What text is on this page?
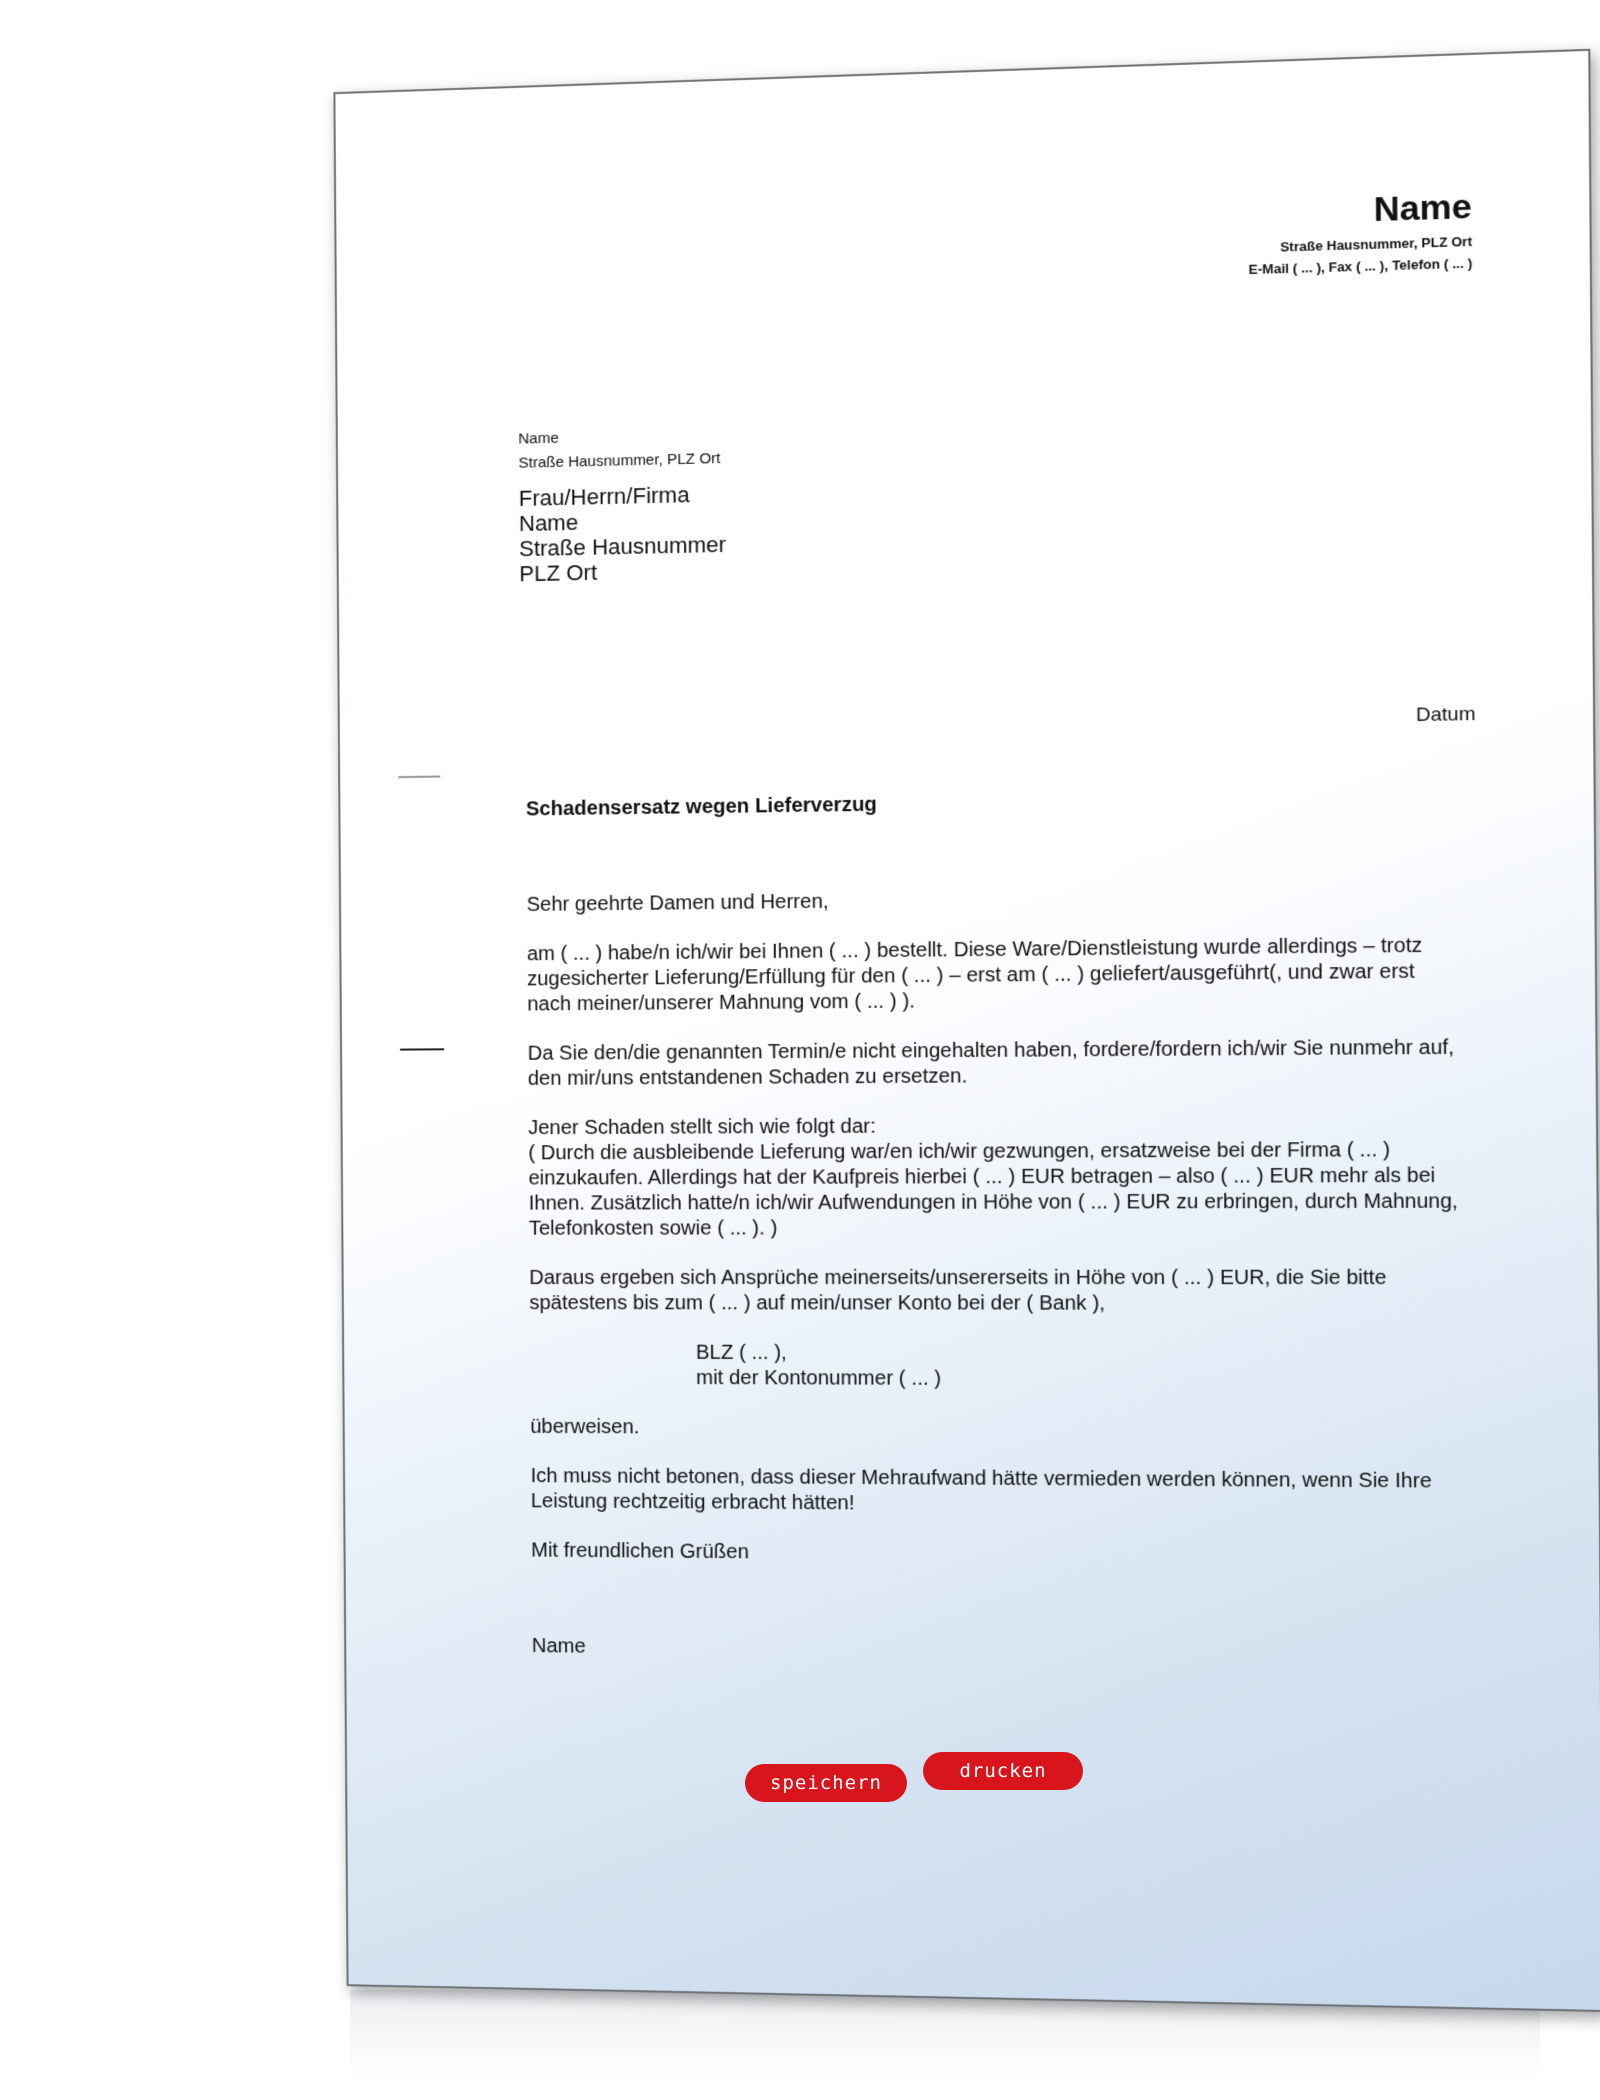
Name
Straße Hausnummer, PLZ Ort
E-Mail ( ... ), Fax ( ... ), Telefon ( ... )
Name
Straße Hausnummer, PLZ Ort
Frau/Herrn/Firma
Name
Straße Hausnummer
PLZ Ort
Datum
Schadensersatz wegen Lieferverzug

Sehr geehrte Damen und Herren,

am ( ... ) habe/n ich/wir bei Ihnen ( ... ) bestellt. Diese Ware/Dienstleistung wurde allerdings – trotz zugesicherter Lieferung/Erfüllung für den ( ... ) – erst am ( ... ) geliefert/ausgeführt(, und zwar erst nach meiner/unserer Mahnung vom ( ... ) ).

Da Sie den/die genannten Termin/e nicht eingehalten haben, fordere/fordern ich/wir Sie nunmehr auf, den mir/uns entstandenen Schaden zu ersetzen.

Jener Schaden stellt sich wie folgt dar:

( Durch die ausbleibende Lieferung war/en ich/wir gezwungen, ersatzweise bei der Firma ( ... ) einzukaufen. Allerdings hat der Kaufpreis hierbei ( ... ) EUR betragen – also ( ... ) EUR mehr als bei Ihnen. Zusätzlich hatte/n ich/wir Aufwendungen in Höhe von ( ... ) EUR zu erbringen, durch Mahnung, Telefonkosten sowie ( ... ). )

Daraus ergeben sich Ansprüche meinerseits/unsererseits in Höhe von ( ... ) EUR, die Sie bitte spätestens bis zum ( ... ) auf mein/unser Konto bei der ( Bank ),

BLZ ( ... ),

mit der Kontonummer ( ... )

überweisen.

Ich muss nicht betonen, dass dieser Mehraufwand hätte vermieden werden können, wenn Sie Ihre Leistung rechtzeitig erbracht hätten!

Mit freundlichen Grüßen
Name
speichern
drucken
